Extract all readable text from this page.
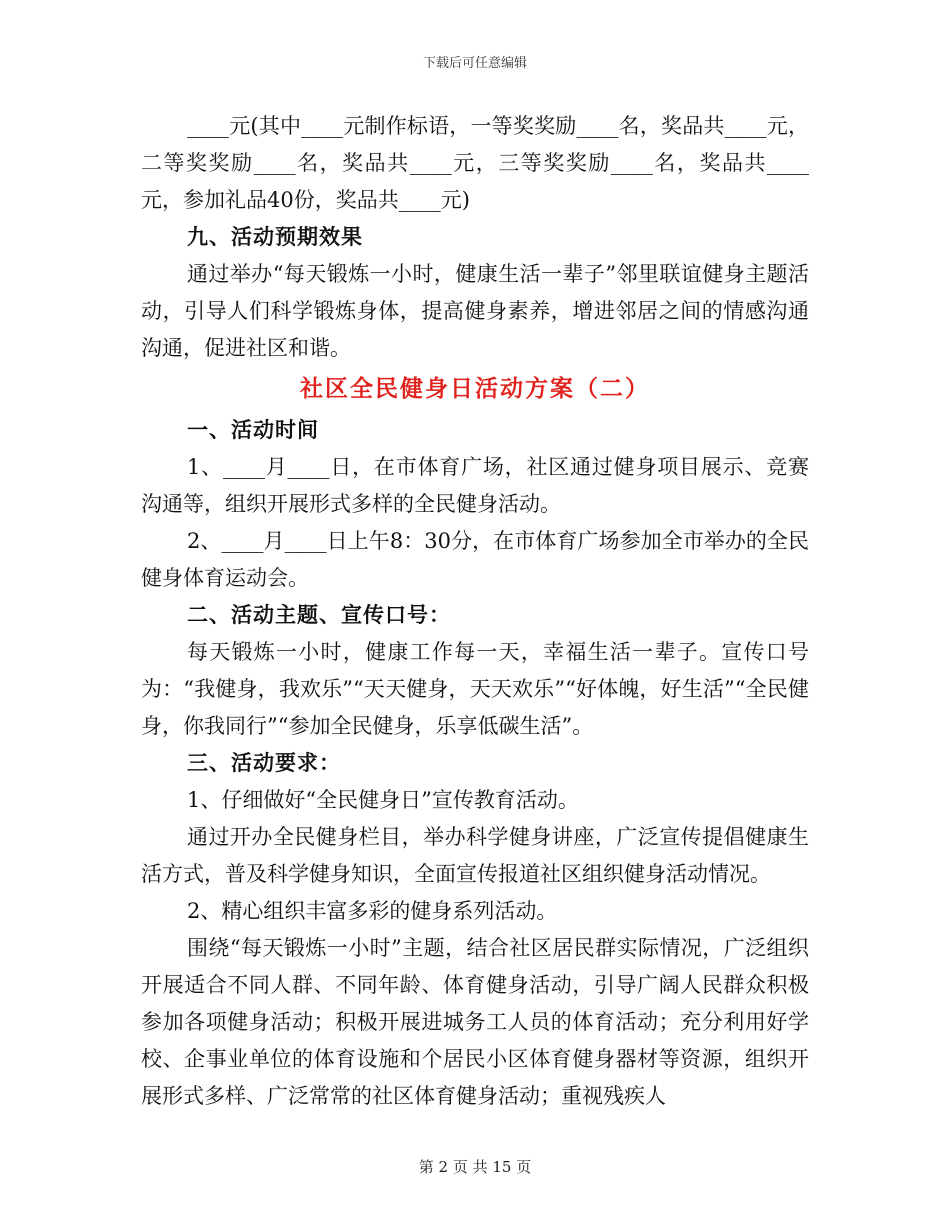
下载后可任意编辑

____元(其中____元制作标语，一等奖奖励____名，奖品共____元，二等奖奖励____名，奖品共____元，三等奖奖励____名，奖品共____元，参加礼品40份，奖品共____元)

九、活动预期效果

通过举办“每天锻炼一小时，健康生活一辈子”邻里联谊健身主题活动，引导人们科学锻炼身体，提高健身素养，增进邻居之间的情感沟通沟通，促进社区和谐。

社区全民健身日活动方案（二）

一、活动时间

1、____月____日，在市体育广场，社区通过健身项目展示、竞赛沟通等，组织开展形式多样的全民健身活动。

2、____月____日上午8：30分，在市体育广场参加全市举办的全民健身体育运动会。

二、活动主题、宣传口号：

每天锻炼一小时，健康工作每一天，幸福生活一辈子。宣传口号为：“我健身，我欢乐”“天天健身，天天欢乐”“好体魄，好生活”“全民健身，你我同行”“参加全民健身，乐享低碳生活”。

三、活动要求：

1、仔细做好“全民健身日”宣传教育活动。

通过开办全民健身栏目，举办科学健身讲座，广泛宣传提倡健康生活方式，普及科学健身知识，全面宣传报道社区组织健身活动情况。

2、精心组织丰富多彩的健身系列活动。

围绕“每天锻炼一小时”主题，结合社区居民群实际情况，广泛组织开展适合不同人群、不同年龄、体育健身活动，引导广阔人民群众积极参加各项健身活动；积极开展进城务工人员的体育活动；充分利用好学校、企事业单位的体育设施和个居民小区体育健身器材等资源，组织开展形式多样、广泛常常的社区体育健身活动；重视残疾人

第 2 页 共 15 页
